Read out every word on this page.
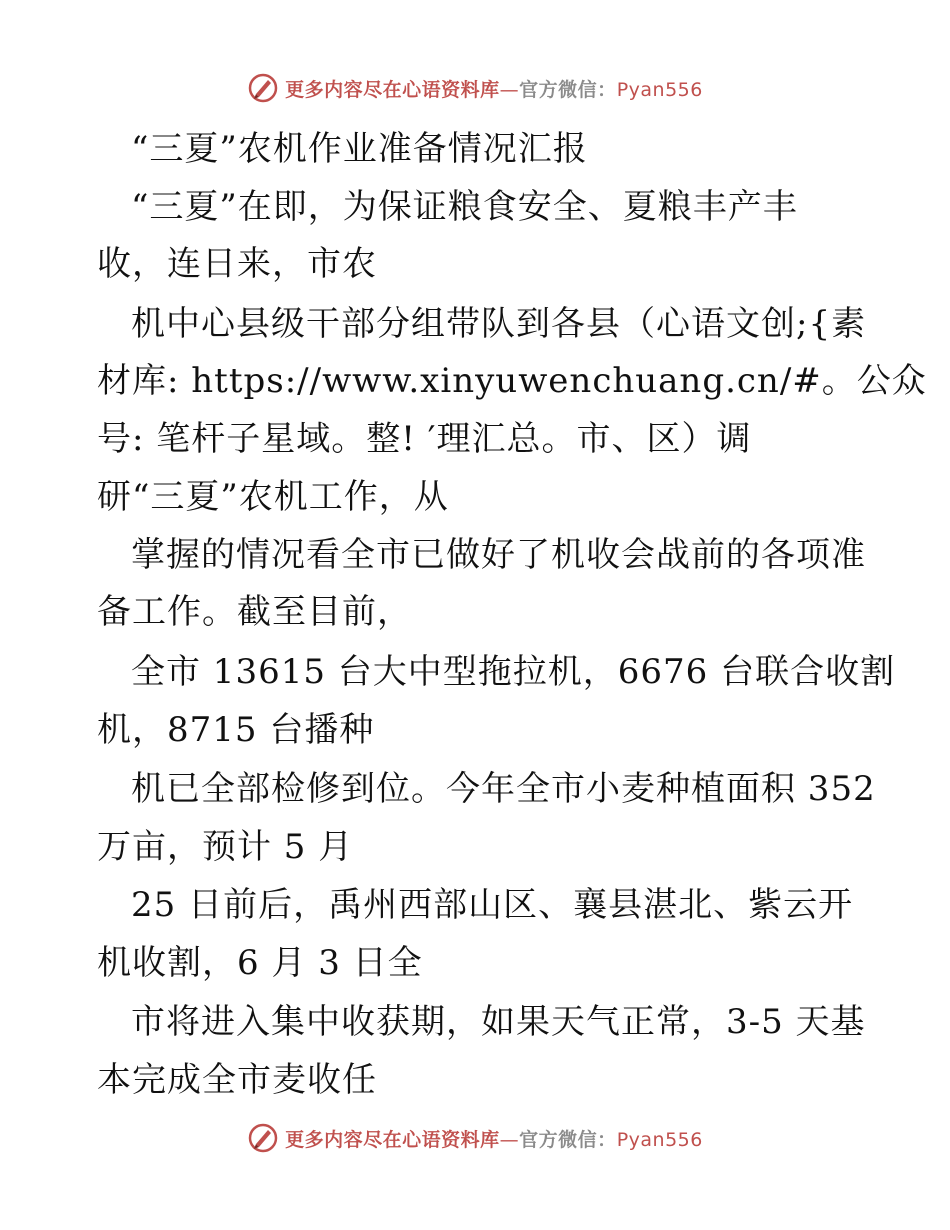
更多内容尽在心语资料库—官方微信：Pyan556
“三夏”农机作业准备情况汇报
“三夏”在即，为保证粮食安全、夏粮丰产丰
收，连日来，市农
机中心县级干部分组带队到各县（心语文创;{素
材库: https://www.xinyuwenchuang.cn/#。公众
号: 笔杆子星域。整! ′理汇总。市、区）调
研“三夏”农机工作，从
掌握的情况看全市已做好了机收会战前的各项准
备工作。截至目前，
全市 13615 台大中型拖拉机，6676 台联合收割
机，8715 台播种
机已全部检修到位。今年全市小麦种植面积 352
万亩，预计 5 月
25 日前后，禹州西部山区、襄县湛北、紫云开
机收割，6 月 3 日全
市将进入集中收获期，如果天气正常，3-5 天基
本完成全市麦收任
更多内容尽在心语资料库—官方微信：Pyan556
